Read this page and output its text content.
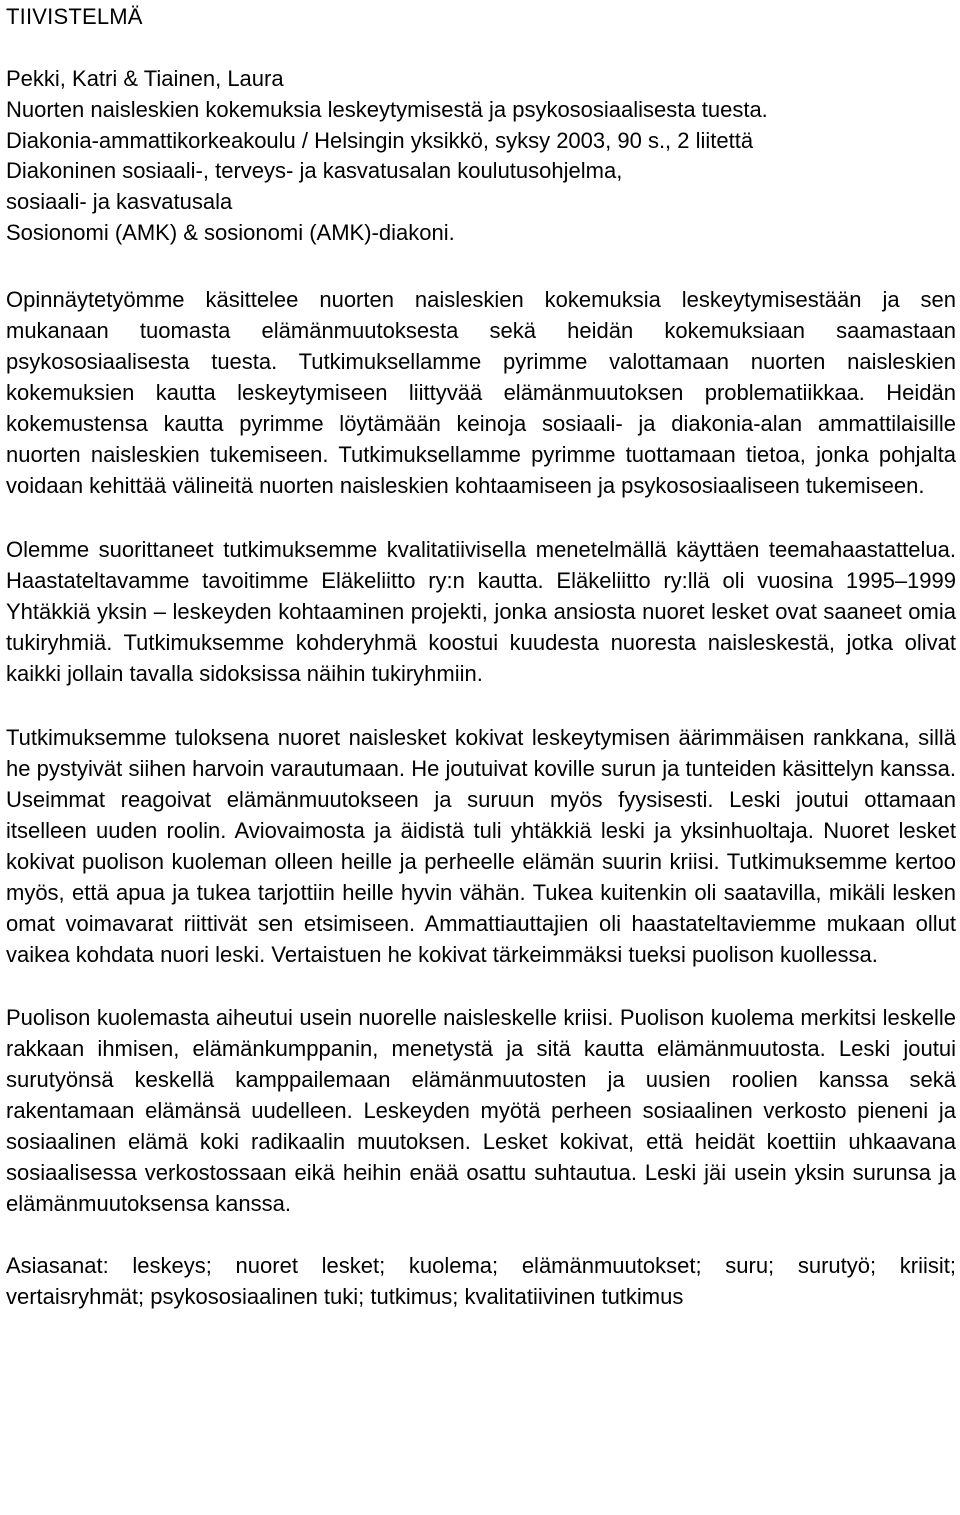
TIIVISTELMÄ
Pekki, Katri & Tiainen, Laura
Nuorten naisleskien kokemuksia leskeytymisestä ja psykososiaalisesta tuesta.
Diakonia-ammattikorkeakoulu / Helsingin yksikkö, syksy 2003, 90 s., 2 liitettä
Diakoninen sosiaali-, terveys- ja kasvatusalan koulutusohjelma,
sosiaali- ja kasvatusala
Sosionomi (AMK) & sosionomi (AMK)-diakoni.

Opinnäytetyömme käsittelee nuorten naisleskien kokemuksia leskeytymisestään ja sen mukanaan tuomasta elämänmuutoksesta sekä heidän kokemuksiaan saamastaan psykososiaalisesta tuesta. Tutkimuksellamme pyrimme valottamaan nuorten naisleskien kokemuksien kautta leskeytymiseen liittyvää elämänmuutoksen problematiikkaa. Heidän kokemustensa kautta pyrimme löytämään keinoja sosiaali- ja diakonia-alan ammattilaisille nuorten naisleskien tukemiseen. Tutkimuksellamme pyrimme tuottamaan tietoa, jonka pohjalta voidaan kehittää välineitä nuorten naisleskien kohtaamiseen ja psykososiaaliseen tukemiseen.

Olemme suorittaneet tutkimuksemme kvalitatiivisella menetelmällä käyttäen teemahaastattelua. Haastateltavamme tavoitimme Eläkeliitto ry:n kautta. Eläkeliitto ry:llä oli vuosina 1995–1999 Yhtäkkiä yksin – leskeyden kohtaaminen projekti, jonka ansiosta nuoret lesket ovat saaneet omia tukiryhmiä. Tutkimuksemme kohderyhmä koostui kuudesta nuoresta naisleskestä, jotka olivat kaikki jollain tavalla sidoksissa näihin tukiryhmiin.

Tutkimuksemme tuloksena nuoret naislesket kokivat leskeytymisen äärimmäisen rankkana, sillä he pystyivät siihen harvoin varautumaan. He joutuivat koville surun ja tunteiden käsittelyn kanssa. Useimmat reagoivat elämänmuutokseen ja suruun myös fyysisesti. Leski joutui ottamaan itselleen uuden roolin. Aviovaimosta ja äidistä tuli yhtäkkiä leski ja yksinhuoltaja. Nuoret lesket kokivat puolison kuoleman olleen heille ja perheelle elämän suurin kriisi. Tutkimuksemme kertoo myös, että apua ja tukea tarjottiin heille hyvin vähän. Tukea kuitenkin oli saatavilla, mikäli lesken omat voimavarat riittivät sen etsimiseen. Ammattiauttajien oli haastateltaviemme mukaan ollut vaikea kohdata nuori leski. Vertaistuen he kokivat tärkeimmäksi tueksi puolison kuollessa.

Puolison kuolemasta aiheutui usein nuorelle naisleskelle kriisi. Puolison kuolema merkitsi leskelle rakkaan ihmisen, elämänkumppanin, menetystä ja sitä kautta elämänmuutosta. Leski joutui surutyönsä keskellä kamppailemaan elämänmuutosten ja uusien roolien kanssa sekä rakentamaan elämänsä uudelleen. Leskeyden myötä perheen sosiaalinen verkosto pieneni ja sosiaalinen elämä koki radikaalin muutoksen. Lesket kokivat, että heidät koettiin uhkaavana sosiaalisessa verkostossaan eikä heihin enää osattu suhtautua. Leski jäi usein yksin surunsa ja elämänmuutoksensa kanssa.

Asiasanat: leskeys; nuoret lesket; kuolema; elämänmuutokset; suru; surutyö; kriisit; vertaisryhmät; psykososiaalinen tuki; tutkimus; kvalitatiivinen tutkimus
